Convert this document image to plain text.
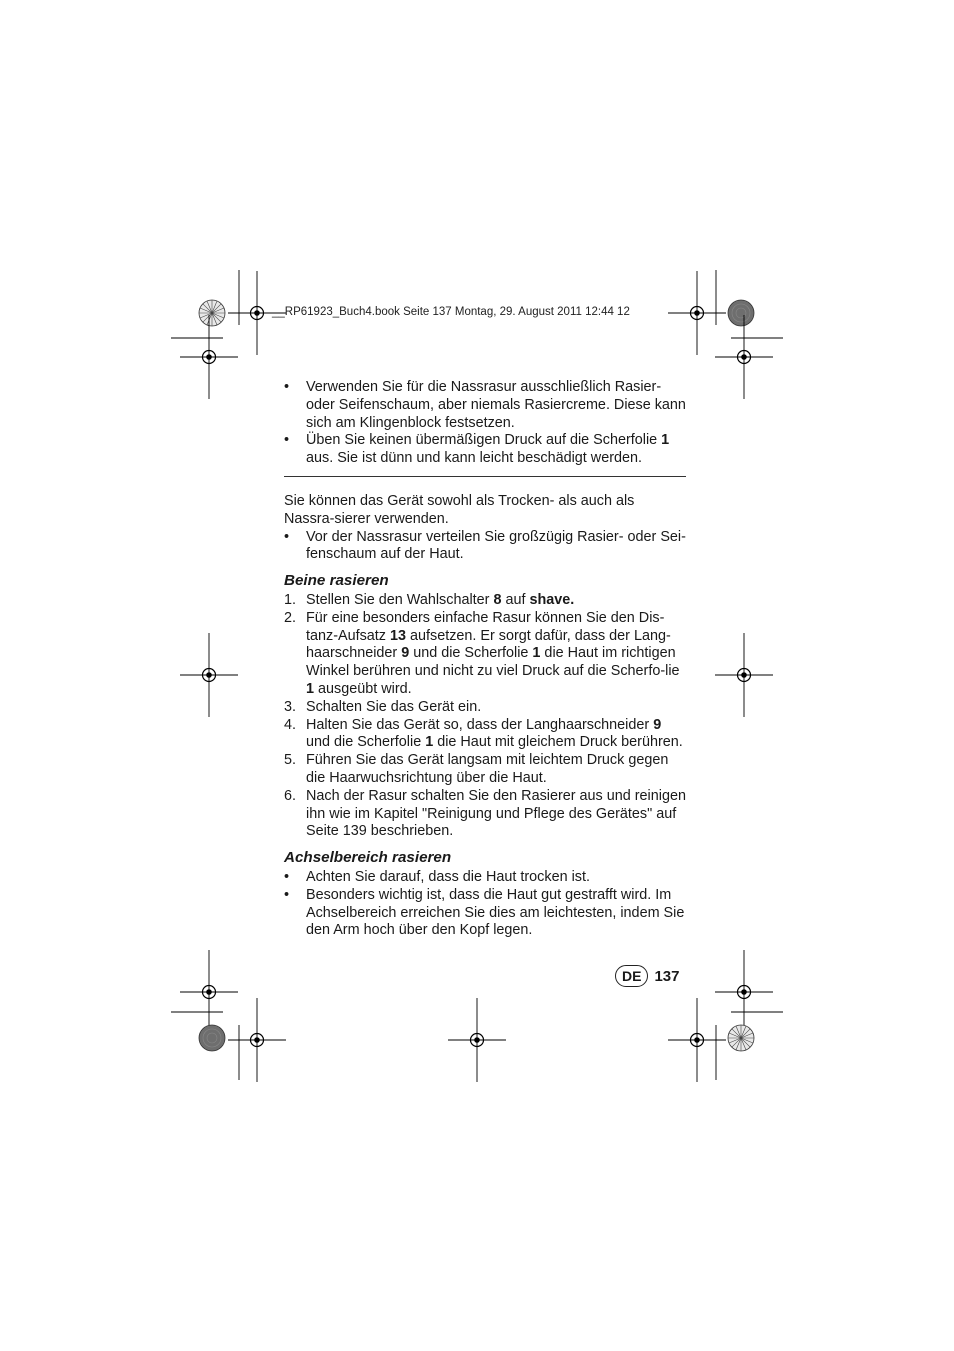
__RP61923_Buch4.book Seite 137 Montag, 29. August 2011 12:44 12
• Verwenden Sie für die Nassrasur ausschließlich Rasier-oder Seifenschaum, aber niemals Rasiercreme. Diese kann sich am Klingenblock festsetzen.
• Üben Sie keinen übermäßigen Druck auf die Scherfolie 1 aus. Sie ist dünn und kann leicht beschädigt werden.

Sie können das Gerät sowohl als Trocken- als auch als Nassra-sierer verwenden.

• Vor der Nassrasur verteilen Sie großzügig Rasier- oder Sei-fenschaum auf der Haut.
Beine rasieren
1. Stellen Sie den Wahlschalter 8 auf shave.
2. Für eine besonders einfache Rasur können Sie den Dis-tanz-Aufsatz 13 aufsetzen. Er sorgt dafür, dass der Lang-haarschneider 9 und die Scherfolie 1 die Haut im richtigen Winkel berühren und nicht zu viel Druck auf die Scherfo-lie 1 ausgeübt wird.
3. Schalten Sie das Gerät ein.
4. Halten Sie das Gerät so, dass der Langhaarschneider 9 und die Scherfolie 1 die Haut mit gleichem Druck berühren.
5. Führen Sie das Gerät langsam mit leichtem Druck gegen die Haarwuchsrichtung über die Haut.
6. Nach der Rasur schalten Sie den Rasierer aus und reinigen ihn wie im Kapitel "Reinigung und Pflege des Gerätes" auf Seite 139 beschrieben.
Achselbereich rasieren
• Achten Sie darauf, dass die Haut trocken ist.
• Besonders wichtig ist, dass die Haut gut gestrafft wird. Im Achselbereich erreichen Sie dies am leichtesten, indem Sie den Arm hoch über den Kopf legen.
DE 137
